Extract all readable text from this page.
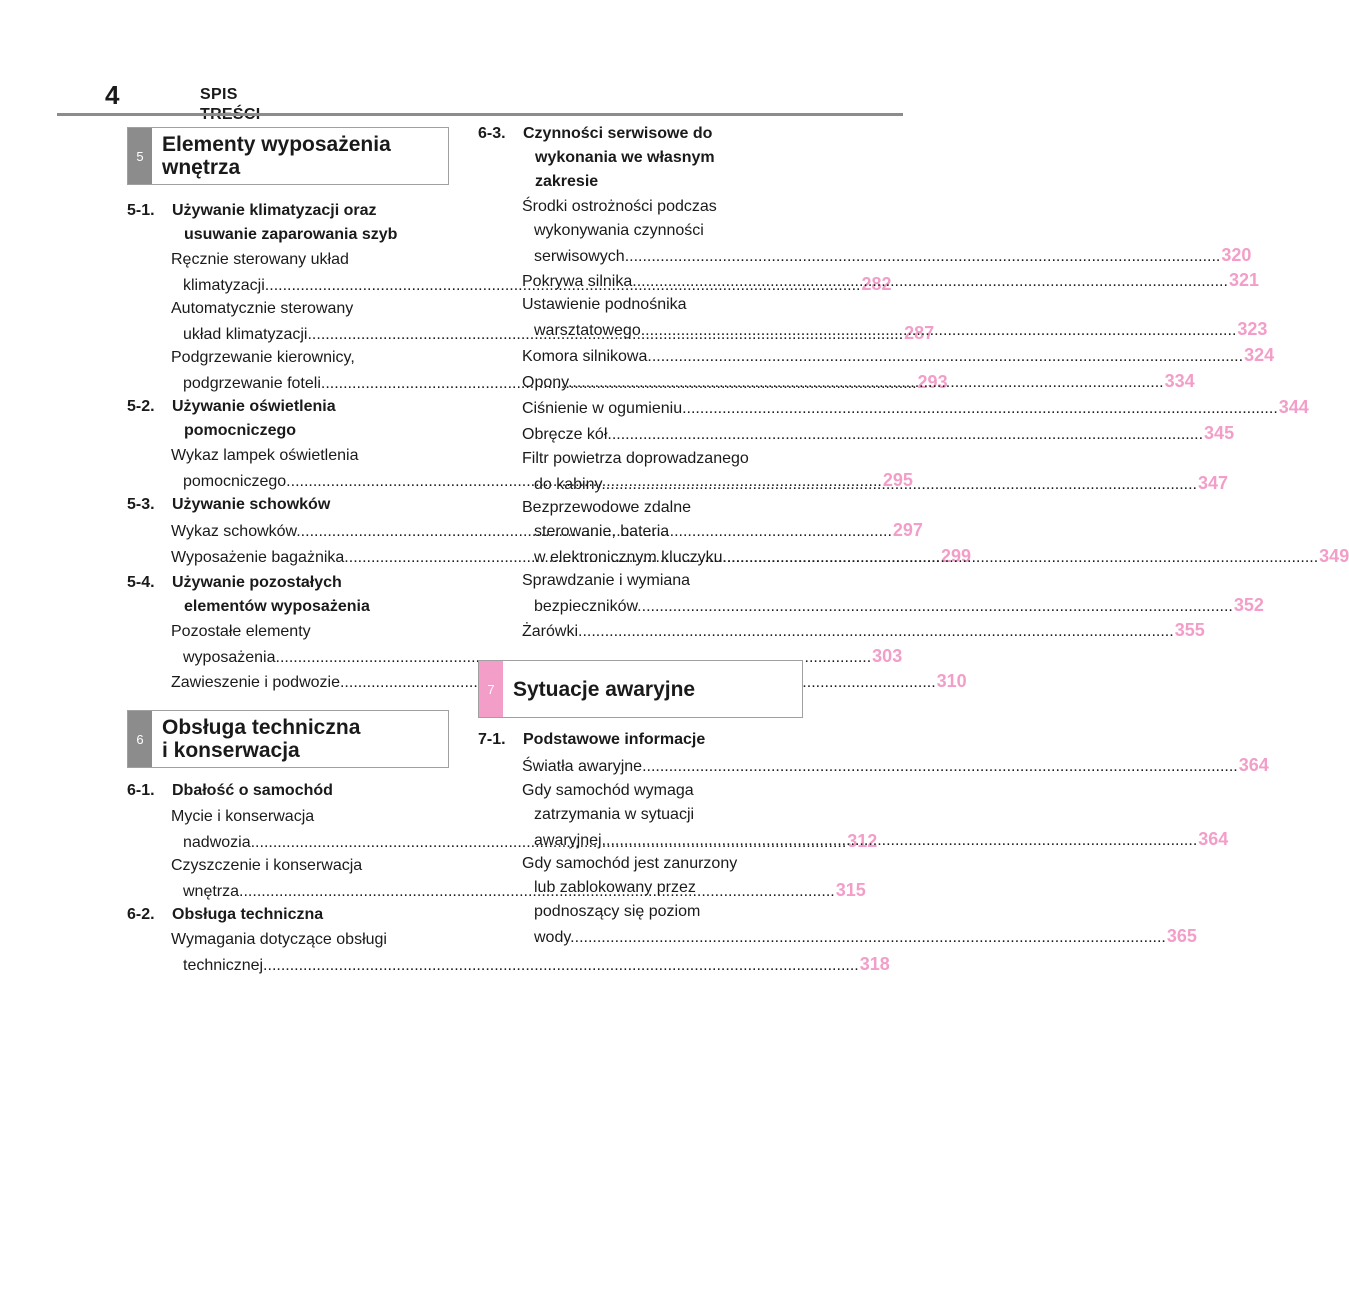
4	SPIS
5 Elementy wyposażenia
wnętrza
5-1.	Używanie klimatyzacji oraz
usuwanie zaparowania szyb
Ręcznie sterowany układ
klimatyzacji .....	282
Automatycznie sterowany
układ klimatyzacji .....	287
Podgrzewanie kierownicy,
podgrzewanie foteli .....	293
5-2.	Używanie oświetlenia
pomocniczego
Wykaz lampek oświetlenia
pomocniczego .....	295
5-3.	Używanie schowków
Wykaz schowków .....	297
Wyposażenie bagażnika .....	299
5-4.	Używanie pozostałych
elementów wyposażenia
Pozostałe elementy
wyposażenia .....	303
Zawieszenie i podwozie .....	310
6 Obsługa techniczna
i konserwacja
6-1.	Dbałość o samochód
Mycie i konserwacja
nadwozia .....	312
Czyszczenie i konserwacja
wnętrza .....	315
6-2.	Obsługa techniczna
Wymagania dotyczące obsługi
technicznej .....	318
6-3.	Czynności serwisowe do
wykonania we własnym
zakresie
Środki ostrożności podczas
wykonywania czynności
serwisowych .....	320
Pokrywa silnika .....	321
Ustawienie podnośnika
warsztatowego .....	323
Komora silnikowa .....	324
Opony .....	334
Ciśnienie w ogumieniu .....	344
Obręcze kół .....	345
Filtr powietrza doprowadzanego
do kabiny .....	347
Bezprzewodowe zdalne
sterowanie, bateria
w elektronicznym kluczyku .....	349
Sprawdzanie i wymiana
bezpieczników .....	352
Żarówki .....	355
7 Sytuacje awaryjne
7-1.	Podstawowe informacje
Światła awaryjne .....	364
Gdy samochód wymaga
zatrzymania w sytuacji
awaryjnej .....	364
Gdy samochód jest zanurzony
lub zablokowany przez
podnoszący się poziom
wody .....	365
